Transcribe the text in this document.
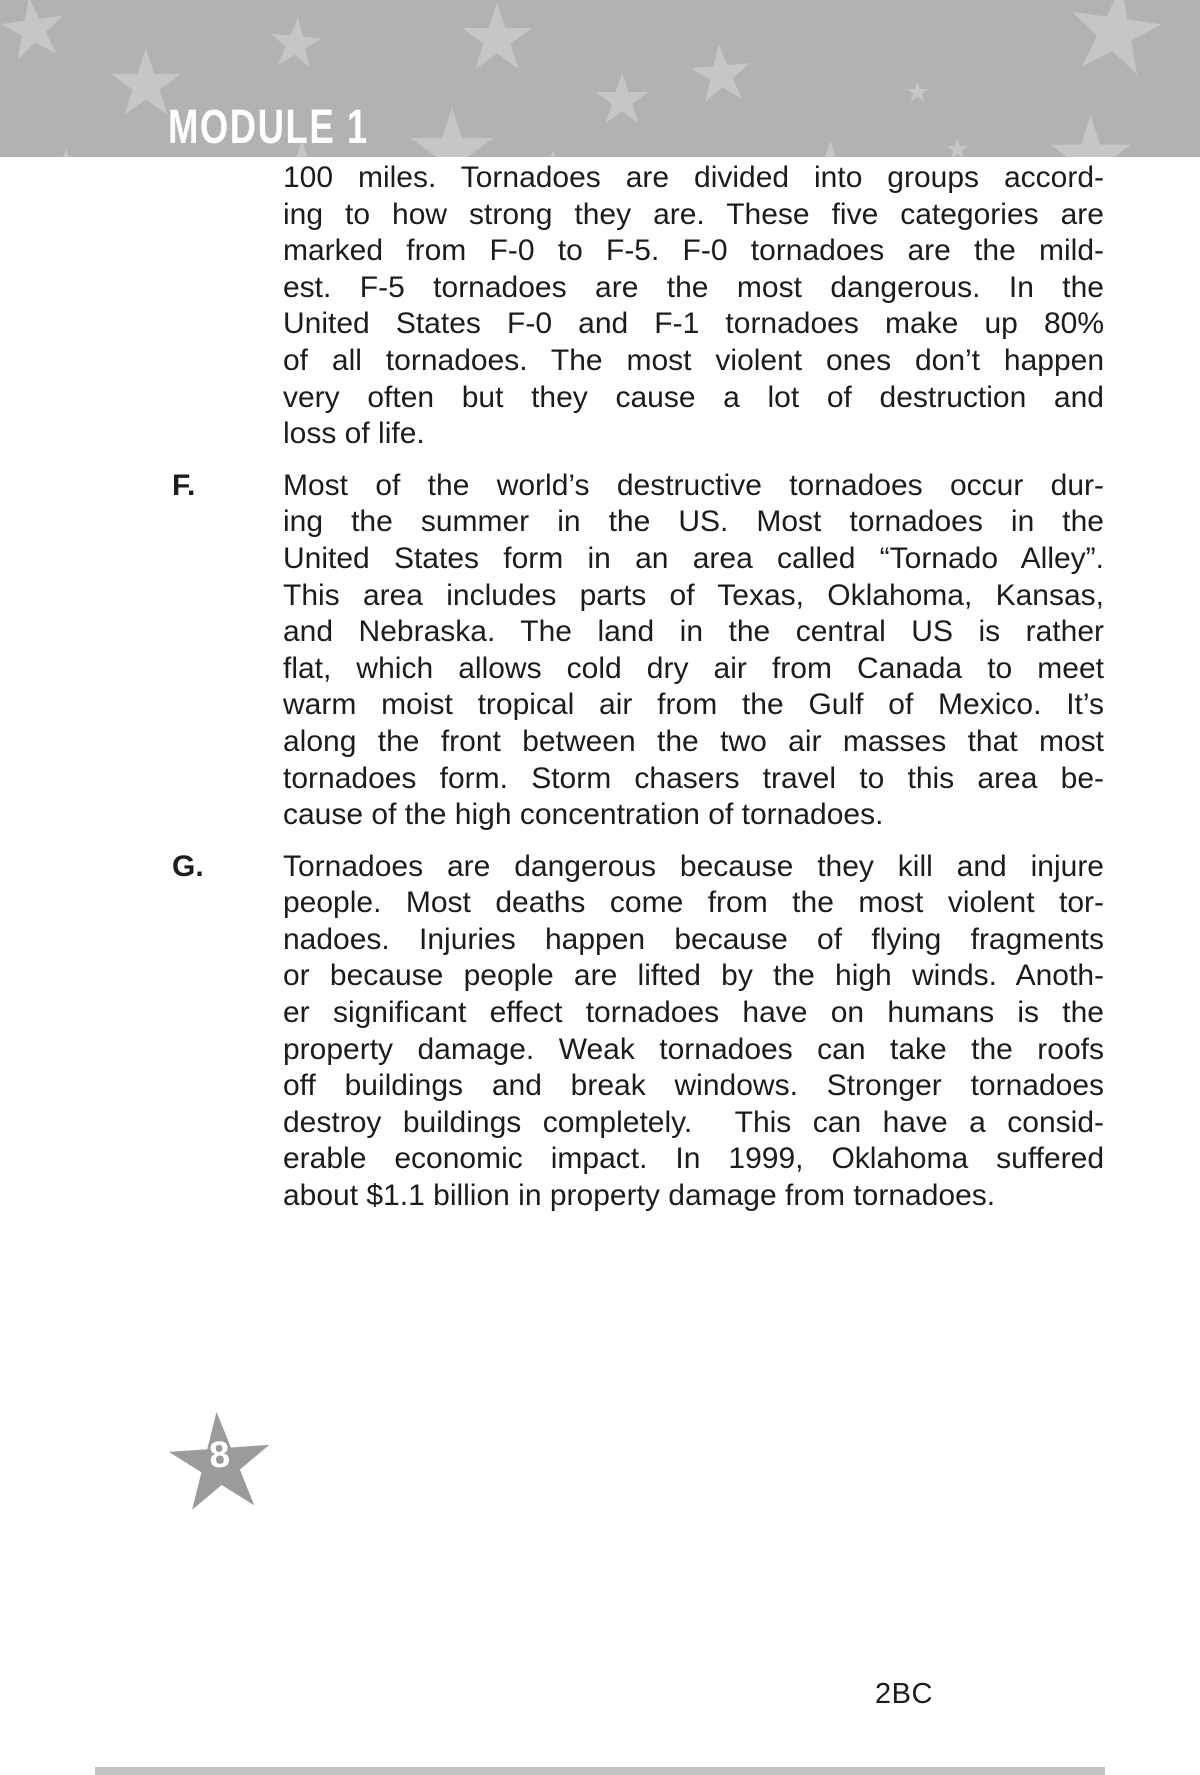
MODULE 1
100 miles. Tornadoes are divided into groups accord-
ing to how strong they are. These five categories are
marked from F-0 to F-5. F-0 tornadoes are the mild-
est. F-5 tornadoes are the most dangerous. In the
United States F-0 and F-1 tornadoes make up 80%
of all tornadoes. The most violent ones don’t happen
very often but they cause a lot of destruction and
loss of life.
F.	Most of the world’s destructive tornadoes occur dur-
ing the summer in the US. Most tornadoes in the
United States form in an area called “Tornado Alley”.
This area includes parts of Texas, Oklahoma, Kansas,
and Nebraska. The land in the central US is rather
flat, which allows cold dry air from Canada to meet
warm moist tropical air from the Gulf of Mexico. It’s
along the front between the two air masses that most
tornadoes form. Storm chasers travel to this area be-
cause of the high concentration of tornadoes.
G.	Tornadoes are dangerous because they kill and injure
people. Most deaths come from the most violent tor-
nadoes. Injuries happen because of flying fragments
or because people are lifted by the high winds. Anoth-
er significant effect tornadoes have on humans is the
property damage. Weak tornadoes can take the roofs
off buildings and break windows. Stronger tornadoes
destroy buildings completely.  This can have a consid-
erable economic impact. In 1999, Oklahoma suffered
about $1.1 billion in property damage from tornadoes.
8
2BC
